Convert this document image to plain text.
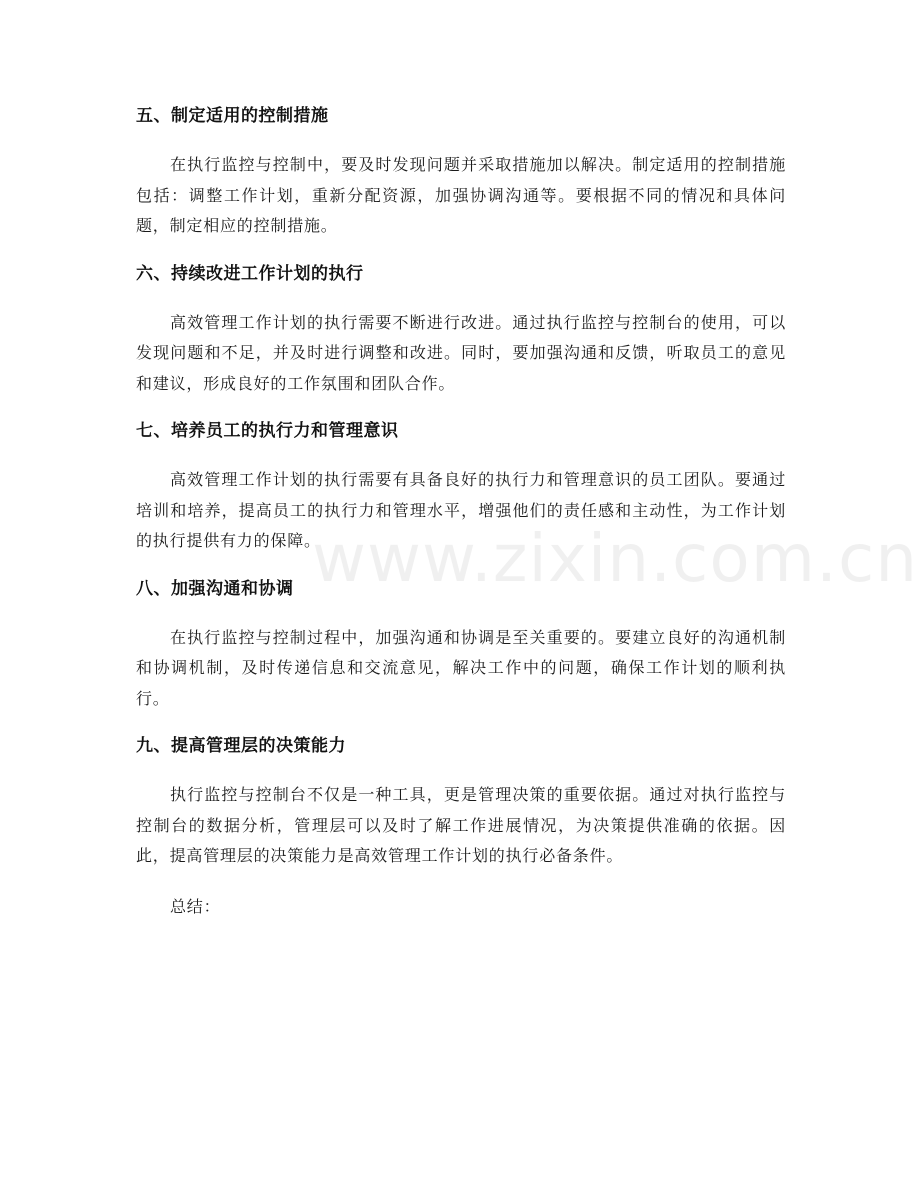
www.zixin.com.cn
五、制定适用的控制措施

在执行监控与控制中，要及时发现问题并采取措施加以解决。制定适用的控制措施包括：调整工作计划，重新分配资源，加强协调沟通等。要根据不同的情况和具体问题，制定相应的控制措施。

六、持续改进工作计划的执行

高效管理工作计划的执行需要不断进行改进。通过执行监控与控制台的使用，可以发现问题和不足，并及时进行调整和改进。同时，要加强沟通和反馈，听取员工的意见和建议，形成良好的工作氛围和团队合作。

七、培养员工的执行力和管理意识

高效管理工作计划的执行需要有具备良好的执行力和管理意识的员工团队。要通过培训和培养，提高员工的执行力和管理水平，增强他们的责任感和主动性，为工作计划的执行提供有力的保障。

八、加强沟通和协调

在执行监控与控制过程中，加强沟通和协调是至关重要的。要建立良好的沟通机制和协调机制，及时传递信息和交流意见，解决工作中的问题，确保工作计划的顺利执行。

九、提高管理层的决策能力

执行监控与控制台不仅是一种工具，更是管理决策的重要依据。通过对执行监控与控制台的数据分析，管理层可以及时了解工作进展情况，为决策提供准确的依据。因此，提高管理层的决策能力是高效管理工作计划的执行必备条件。

总结：
